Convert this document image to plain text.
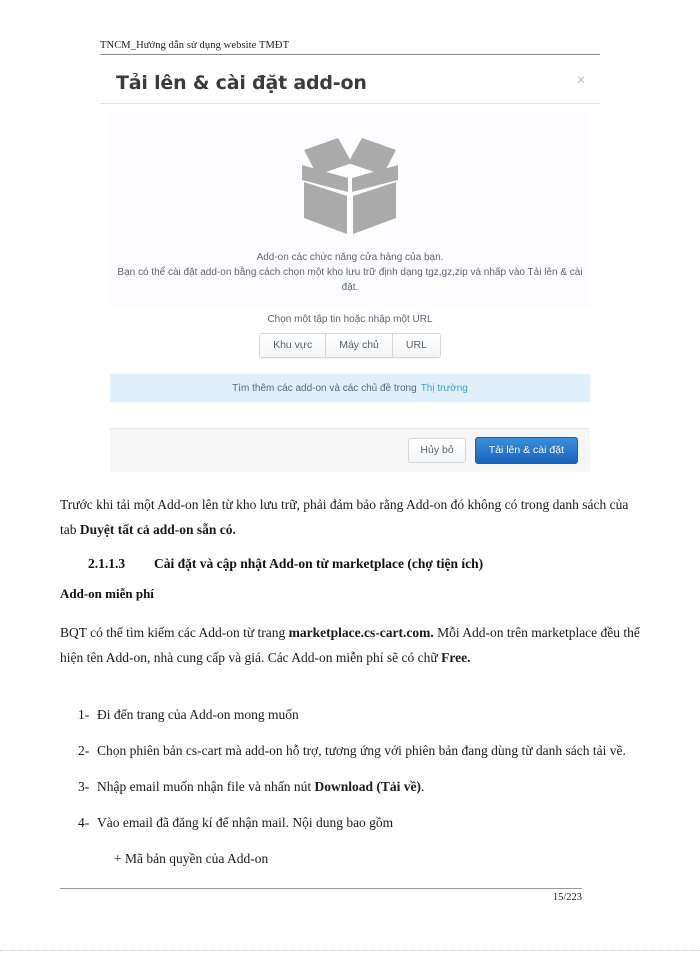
TNCM_Hướng dẫn sử dụng website TMĐT
Tải lên & cài đặt add-on	✕
Add-on các chức năng cửa hàng của bạn.
Bạn có thể cài đặt add-on bằng cách chọn một kho lưu trữ định dạng tgz,gz,zip và nhấp vào Tải lên & cài đặt.
Chọn một tập tin hoặc nhập một URL
Khu vực	Máy chủ	URL
Tìm thêm các add-on và các chủ đề trong Thị trường
Hủy bỏ	Tải lên & cài đặt
Trước khi tải một Add-on lên từ kho lưu trữ, phải đảm bảo rằng Add-on đó không có trong danh sách của tab Duyệt tất cả add-on sẵn có.
2.1.1.3 Cài đặt và cập nhật Add-on từ marketplace (chợ tiện ích)
Add-on miễn phí
BQT có thể tìm kiếm các Add-on từ trang marketplace.cs-cart.com. Mỗi Add-on trên marketplace đều thể hiện tên Add-on, nhà cung cấp và giá. Các Add-on miễn phí sẽ có chữ Free.
1- Đi đến trang của Add-on mong muốn
2- Chọn phiên bản cs-cart mà add-on hỗ trợ, tương ứng với phiên bản đang dùng từ danh sách tải về.
3- Nhập email muốn nhận file và nhấn nút Download (Tải về).
4- Vào email đã đăng kí để nhận mail. Nội dung bao gồm
+ Mã bản quyền của Add-on
15/223
